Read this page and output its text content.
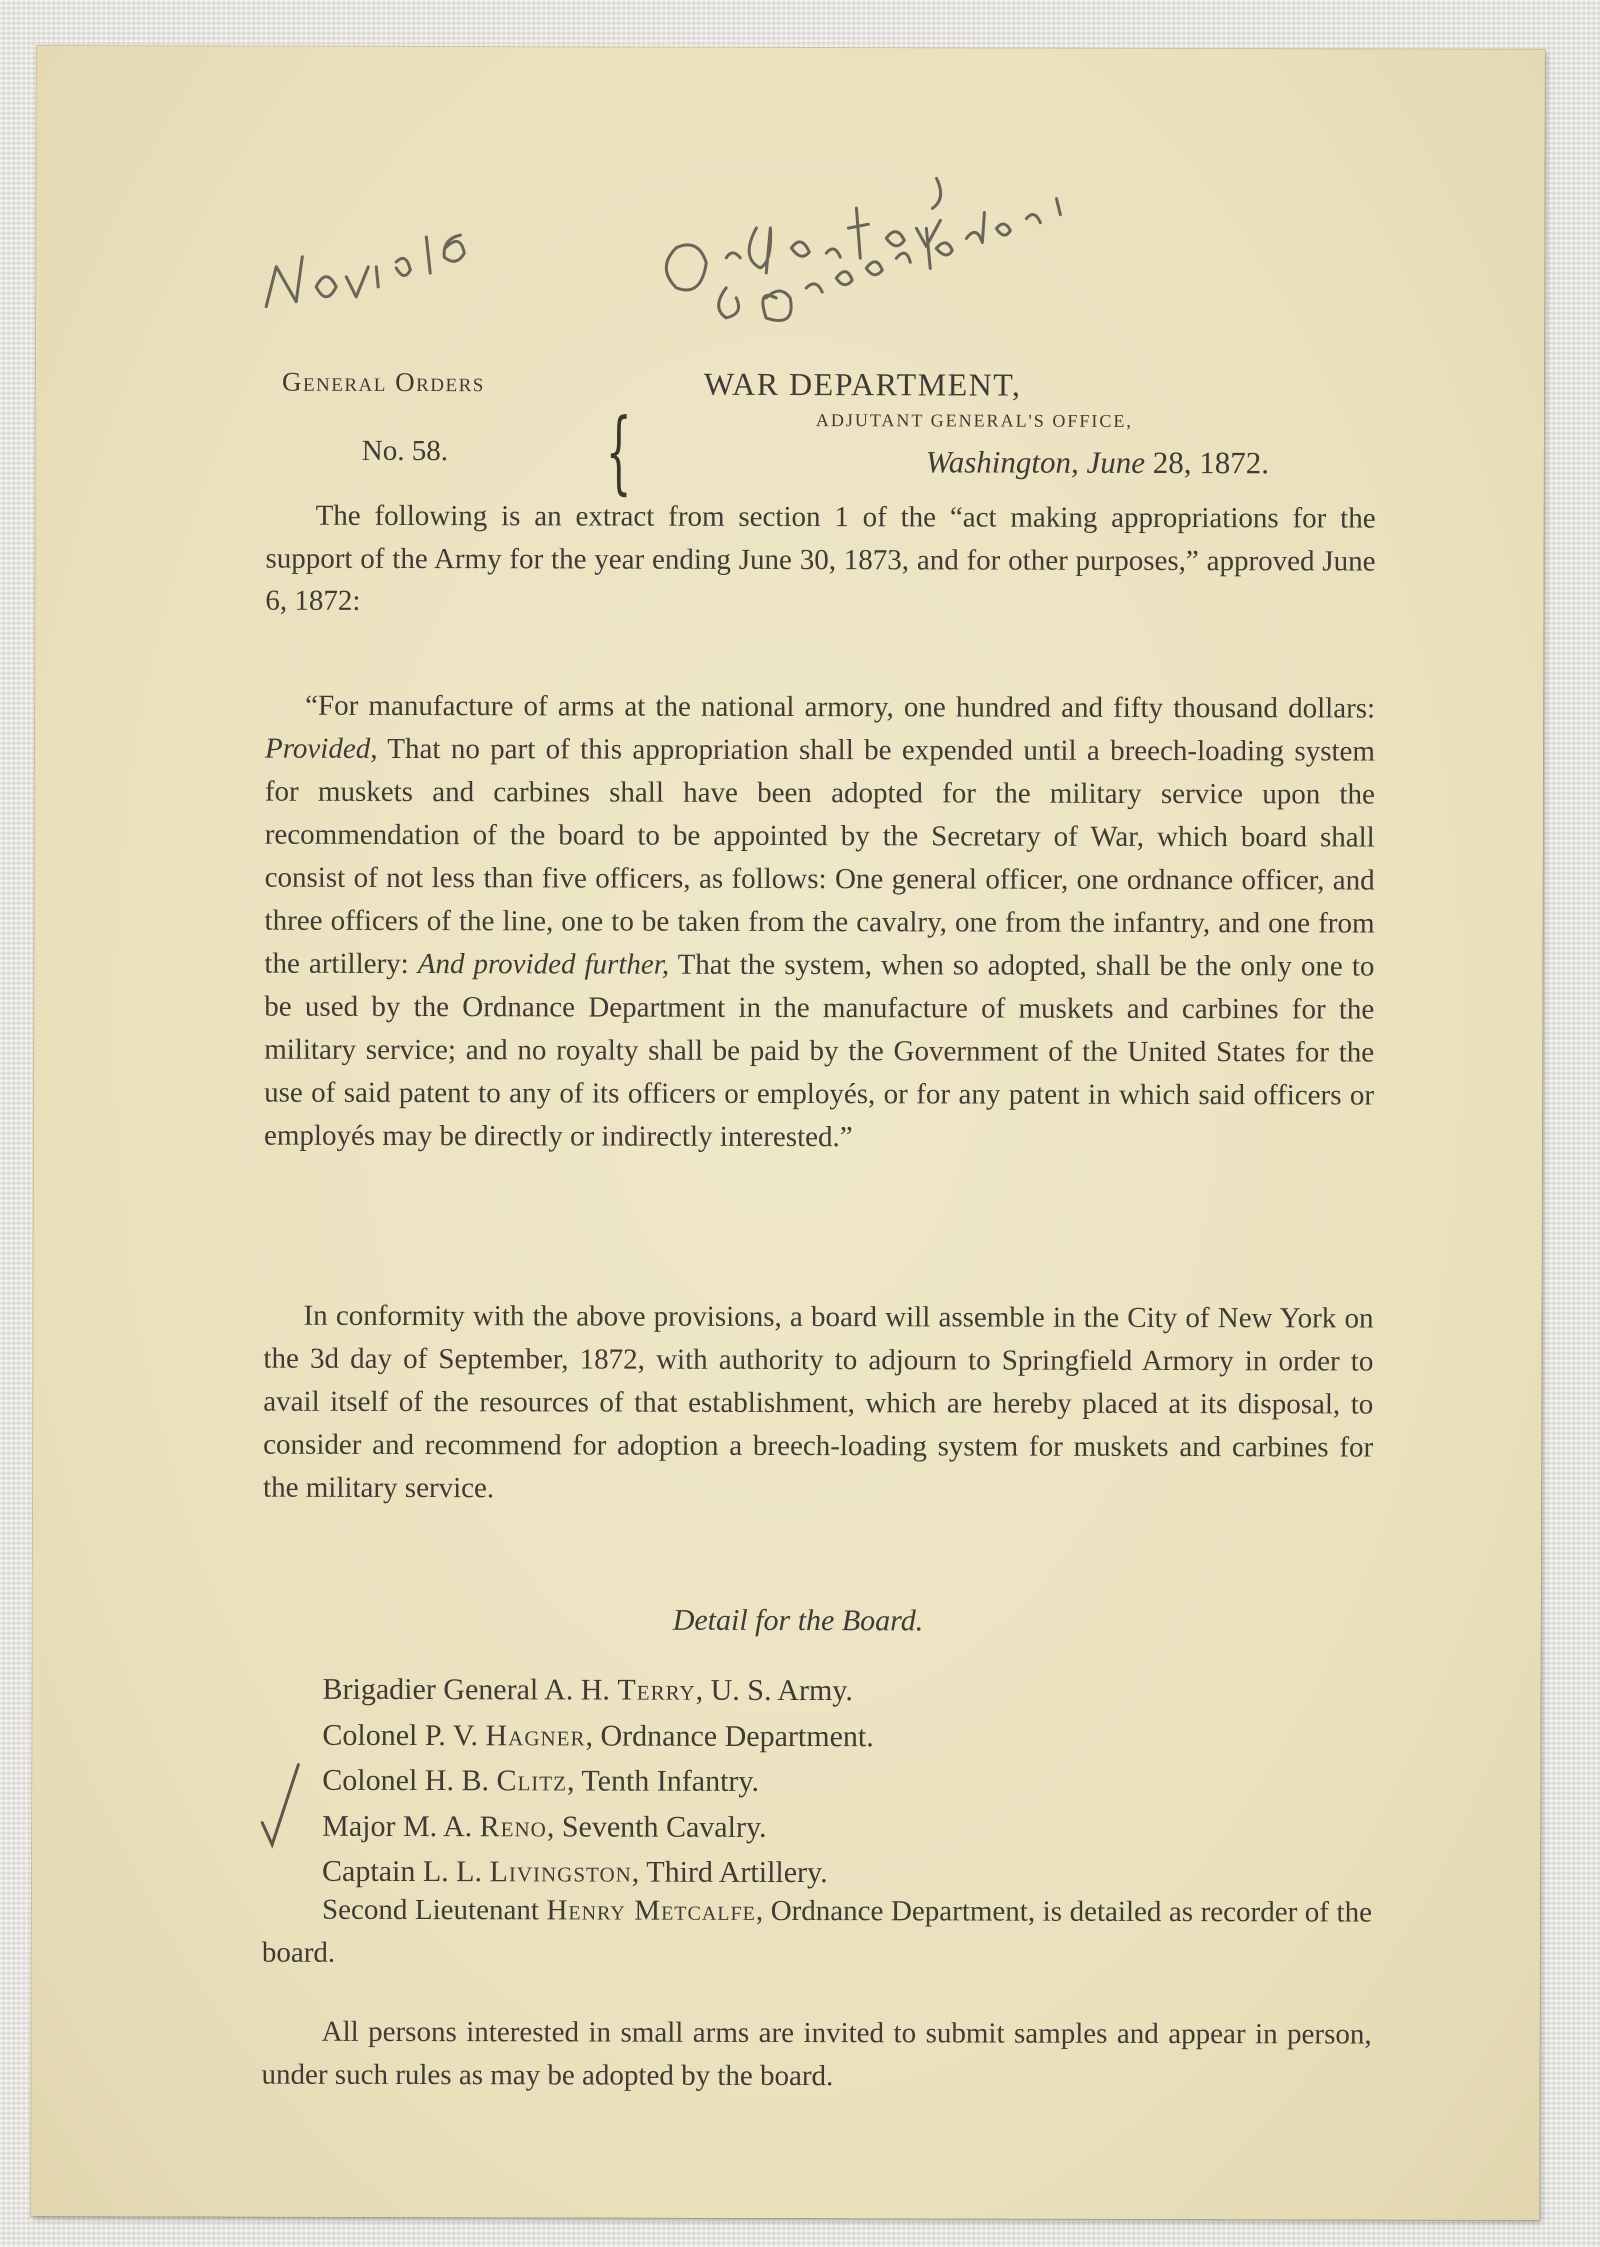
General Orders
No. 58. {
WAR DEPARTMENT,
ADJUTANT GENERAL'S OFFICE,
Washington, June 28, 1872.
The following is an extract from section 1 of the “act making appropriations for the support of the Army for the year ending June 30, 1873, and for other purposes,” approved June 6, 1872:
“For manufacture of arms at the national armory, one hundred and fifty thousand dollars: Provided, That no part of this appropriation shall be expended until a breech-loading system for muskets and carbines shall have been adopted for the military service upon the recommendation of the board to be appointed by the Secretary of War, which board shall consist of not less than five officers, as follows: One general officer, one ordnance officer, and three officers of the line, one to be taken from the cavalry, one from the infantry, and one from the artillery: And provided further, That the system, when so adopted, shall be the only one to be used by the Ordnance Department in the manufacture of muskets and carbines for the military service; and no royalty shall be paid by the Government of the United States for the use of said patent to any of its officers or employés, or for any patent in which said officers or employés may be directly or indirectly interested.”
In conformity with the above provisions, a board will assemble in the City of New York on the 3d day of September, 1872, with authority to adjourn to Springfield Armory in order to avail itself of the resources of that establishment, which are hereby placed at its disposal, to consider and recommend for adoption a breech-loading system for muskets and carbines for the military service.
Detail for the Board.
Brigadier General A. H. Terry, U. S. Army.
Colonel P. V. Hagner, Ordnance Department.
Colonel H. B. Clitz, Tenth Infantry.
Major M. A. Reno, Seventh Cavalry.
Captain L. L. Livingston, Third Artillery.
Second Lieutenant Henry Metcalfe, Ordnance Department, is detailed as recorder of the board.
All persons interested in small arms are invited to submit samples and appear in person, under such rules as may be adopted by the board.
